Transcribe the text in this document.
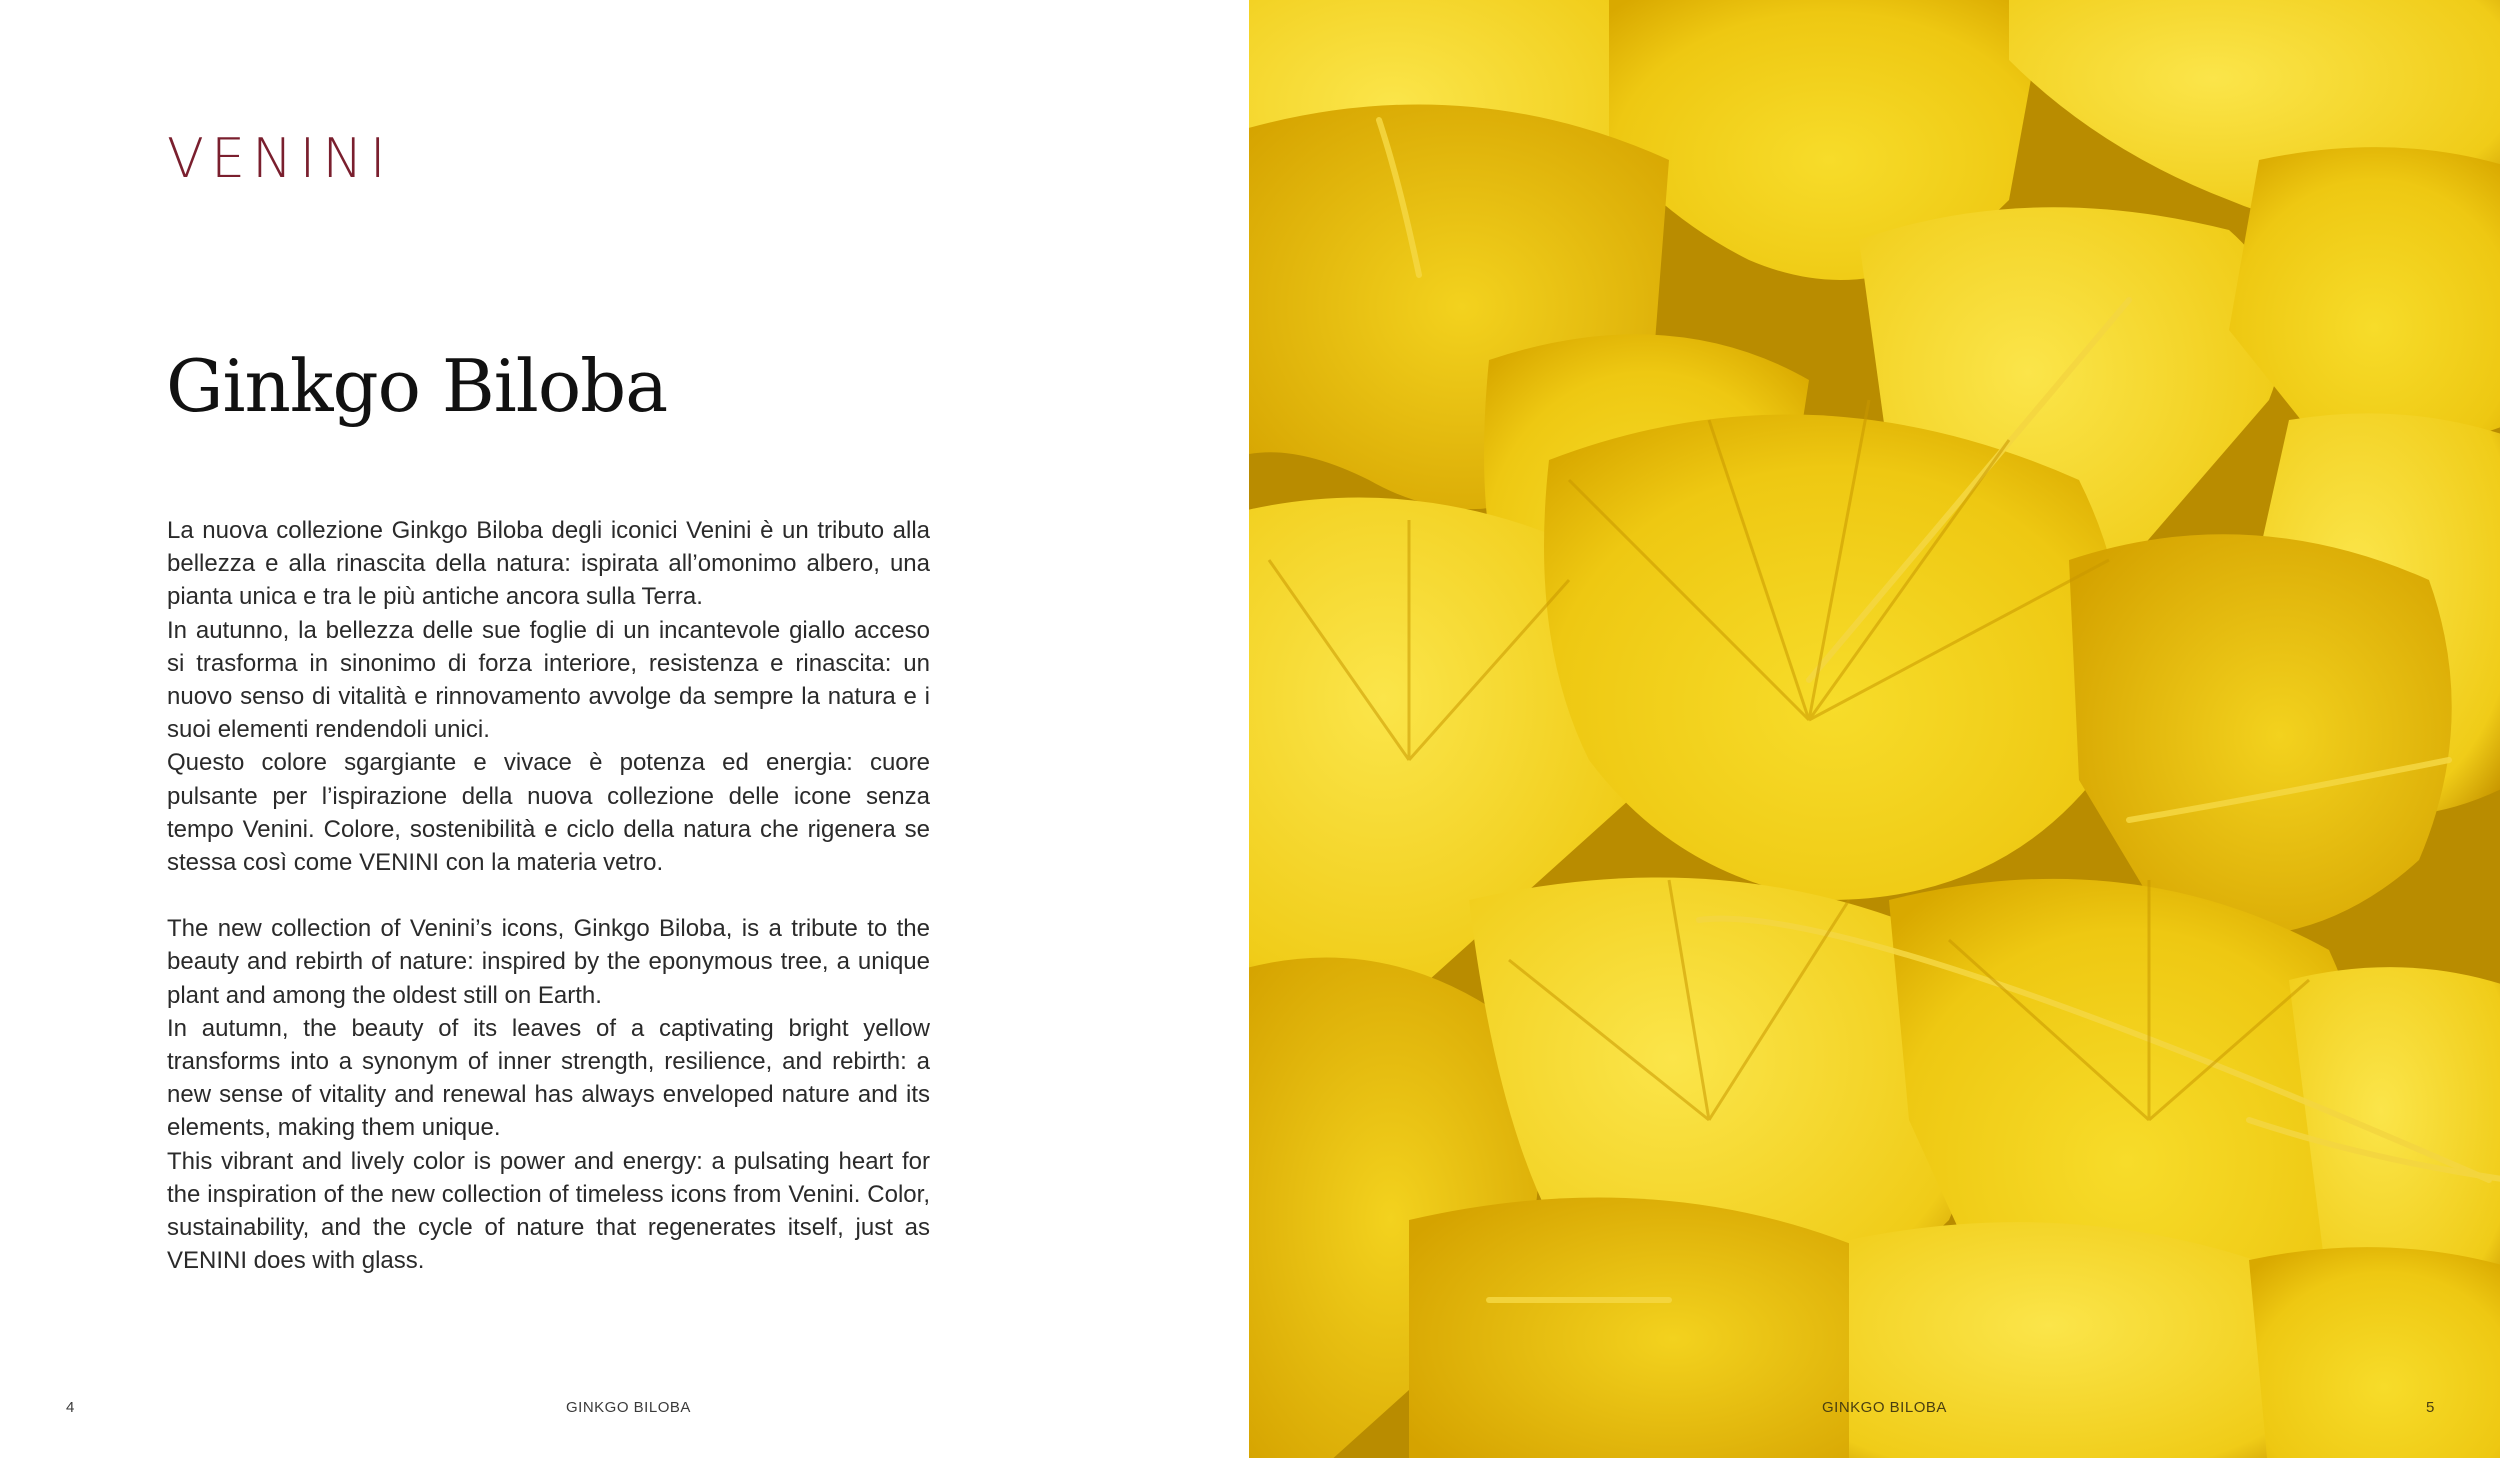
VENINI
Ginkgo Biloba

La nuova collezione Ginkgo Biloba degli iconici Venini è un tributo alla bellezza e alla rinascita della natura: ispirata all’omonimo albero, una pianta unica e tra le più antiche ancora sulla Terra.

In autunno, la bellezza delle sue foglie di un incantevole giallo acceso si trasforma in sinonimo di forza interiore, resistenza e rinascita: un nuovo senso di vitalità e rinnovamento avvolge da sempre la natura e i suoi elementi rendendoli unici.

Questo colore sgargiante e vivace è potenza ed energia: cuore pulsante per l’ispirazione della nuova collezione delle icone senza tempo Venini. Colore, sostenibilità e ciclo della natura che rigenera se stessa così come VENINI con la materia vetro.

The new collection of Venini’s icons, Ginkgo Biloba, is a tribute to the beauty and rebirth of nature: inspired by the eponymous tree, a unique plant and among the oldest still on Earth.

In autumn, the beauty of its leaves of a captivating bright yellow transforms into a synonym of inner strength, resilience, and rebirth: a new sense of vitality and renewal has always enveloped nature and its elements, making them unique.

This vibrant and lively color is power and energy: a pulsating heart for the inspiration of the new collection of timeless icons from Venini. Color, sustainability, and the cycle of nature that regenerates itself, just as VENINI does with glass.

4	GINKGO BILOBA	GINKGO BILOBA	5
